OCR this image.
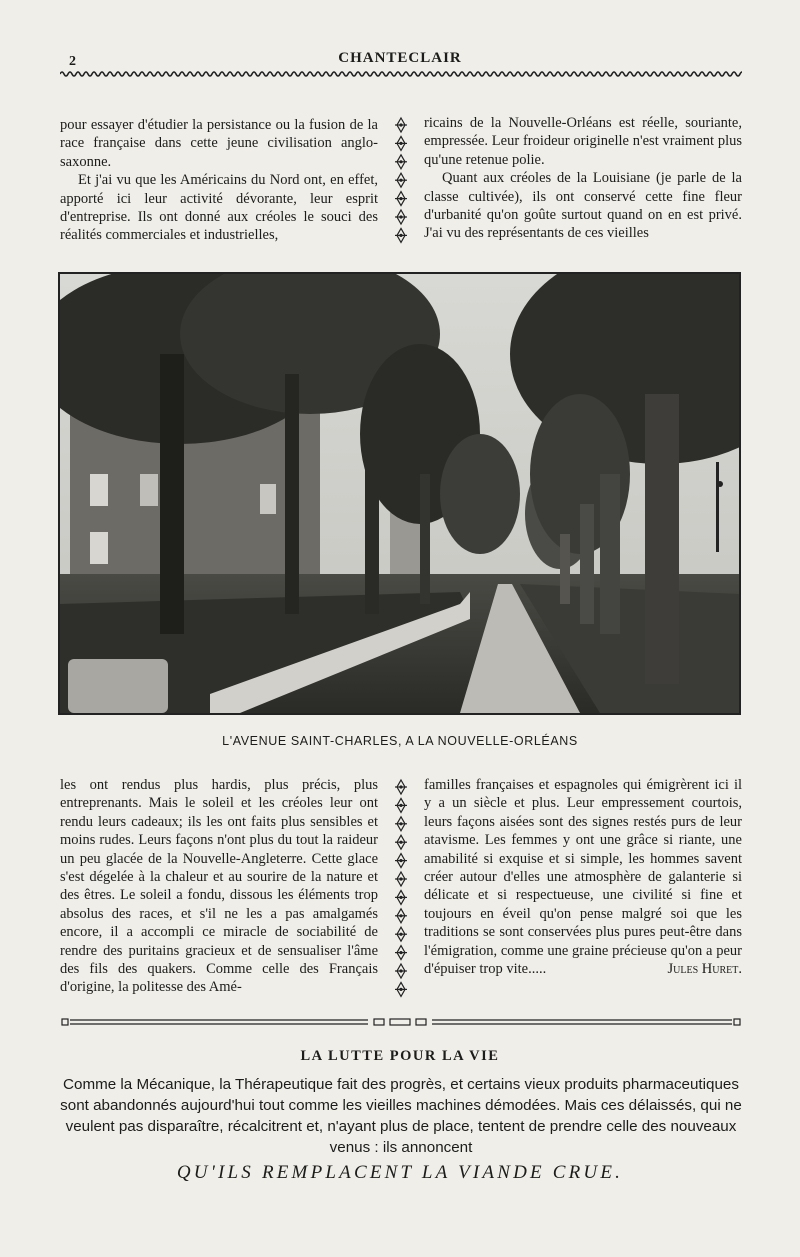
2	CHANTECLAIR

pour essayer d'étudier la persistance ou la fusion de la race française dans cette jeune civilisation anglo-saxonne.

Et j'ai vu que les Américains du Nord ont, en effet, apporté ici leur activité dévorante, leur esprit d'entreprise. Ils ont donné aux créoles le souci des réalités commerciales et industrielles,

ricains de la Nouvelle-Orléans est réelle, souriante, empressée. Leur froideur originelle n'est vraiment plus qu'une retenue polie.

Quant aux créoles de la Louisiane (je parle de la classe cultivée), ils ont conservé cette fine fleur d'urbanité qu'on goûte surtout quand on en est privé. J'ai vu des représentants de ces vieilles

L'AVENUE SAINT-CHARLES, A LA NOUVELLE-ORLÉANS

les ont rendus plus hardis, plus précis, plus entreprenants. Mais le soleil et les créoles leur ont rendu leurs cadeaux; ils les ont faits plus sensibles et moins rudes. Leurs façons n'ont plus du tout la raideur un peu glacée de la Nouvelle-Angleterre. Cette glace s'est dégelée à la chaleur et au sourire de la nature et des êtres. Le soleil a fondu, dissous les éléments trop absolus des races, et s'il ne les a pas amalgamés encore, il a accompli ce miracle de sociabilité de rendre des puritains gracieux et de sensualiser l'âme des fils des quakers. Comme celle des Français d'origine, la politesse des Amé-

familles françaises et espagnoles qui émigrèrent ici il y a un siècle et plus. Leur empressement courtois, leurs façons aisées sont des signes restés purs de leur atavisme. Les femmes y ont une grâce si riante, une amabilité si exquise et si simple, les hommes savent créer autour d'elles une atmosphère de galanterie si délicate et si respectueuse, une civilité si fine et toujours en éveil qu'on pense malgré soi que les traditions se sont conservées plus pures peut-être dans l'émigration, comme une graine précieuse qu'on a peur d'épuiser trop vite.....	Jules Huret.

LA LUTTE POUR LA VIE
Comme la Mécanique, la Thérapeutique fait des progrès, et certains vieux produits pharmaceutiques sont abandonnés aujourd'hui tout comme les vieilles machines démodées. Mais ces délaissés, qui ne veulent pas disparaître, récalcitrent et, n'ayant plus de place, tentent de prendre celle des nouveaux venus : ils annoncent
QU'ILS REMPLACENT LA VIANDE CRUE.
